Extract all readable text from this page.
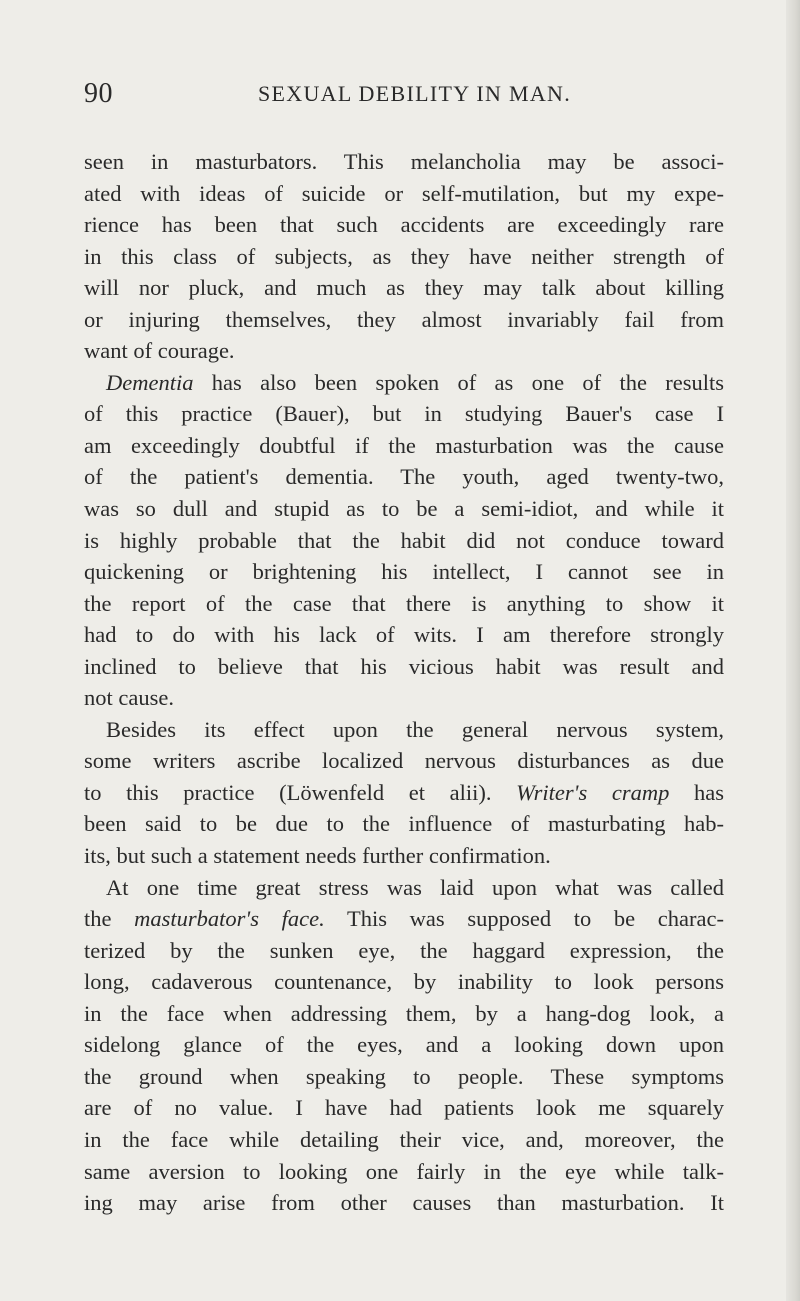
90	SEXUAL DEBILITY IN MAN.
seen in masturbators. This melancholia may be associ-
ated with ideas of suicide or self-mutilation, but my expe-
rience has been that such accidents are exceedingly rare
in this class of subjects, as they have neither strength of
will nor pluck, and much as they may talk about killing
or injuring themselves, they almost invariably fail from
want of courage.
Dementia has also been spoken of as one of the results
of this practice (Bauer), but in studying Bauer's case I
am exceedingly doubtful if the masturbation was the cause
of the patient's dementia. The youth, aged twenty-two,
was so dull and stupid as to be a semi-idiot, and while it
is highly probable that the habit did not conduce toward
quickening or brightening his intellect, I cannot see in
the report of the case that there is anything to show it
had to do with his lack of wits. I am therefore strongly
inclined to believe that his vicious habit was result and
not cause.
Besides its effect upon the general nervous system,
some writers ascribe localized nervous disturbances as due
to this practice (Löwenfeld et alii). Writer's cramp has
been said to be due to the influence of masturbating hab-
its, but such a statement needs further confirmation.
At one time great stress was laid upon what was called
the masturbator's face. This was supposed to be charac-
terized by the sunken eye, the haggard expression, the
long, cadaverous countenance, by inability to look persons
in the face when addressing them, by a hang-dog look, a
sidelong glance of the eyes, and a looking down upon
the ground when speaking to people. These symptoms
are of no value. I have had patients look me squarely
in the face while detailing their vice, and, moreover, the
same aversion to looking one fairly in the eye while talk-
ing may arise from other causes than masturbation. It
